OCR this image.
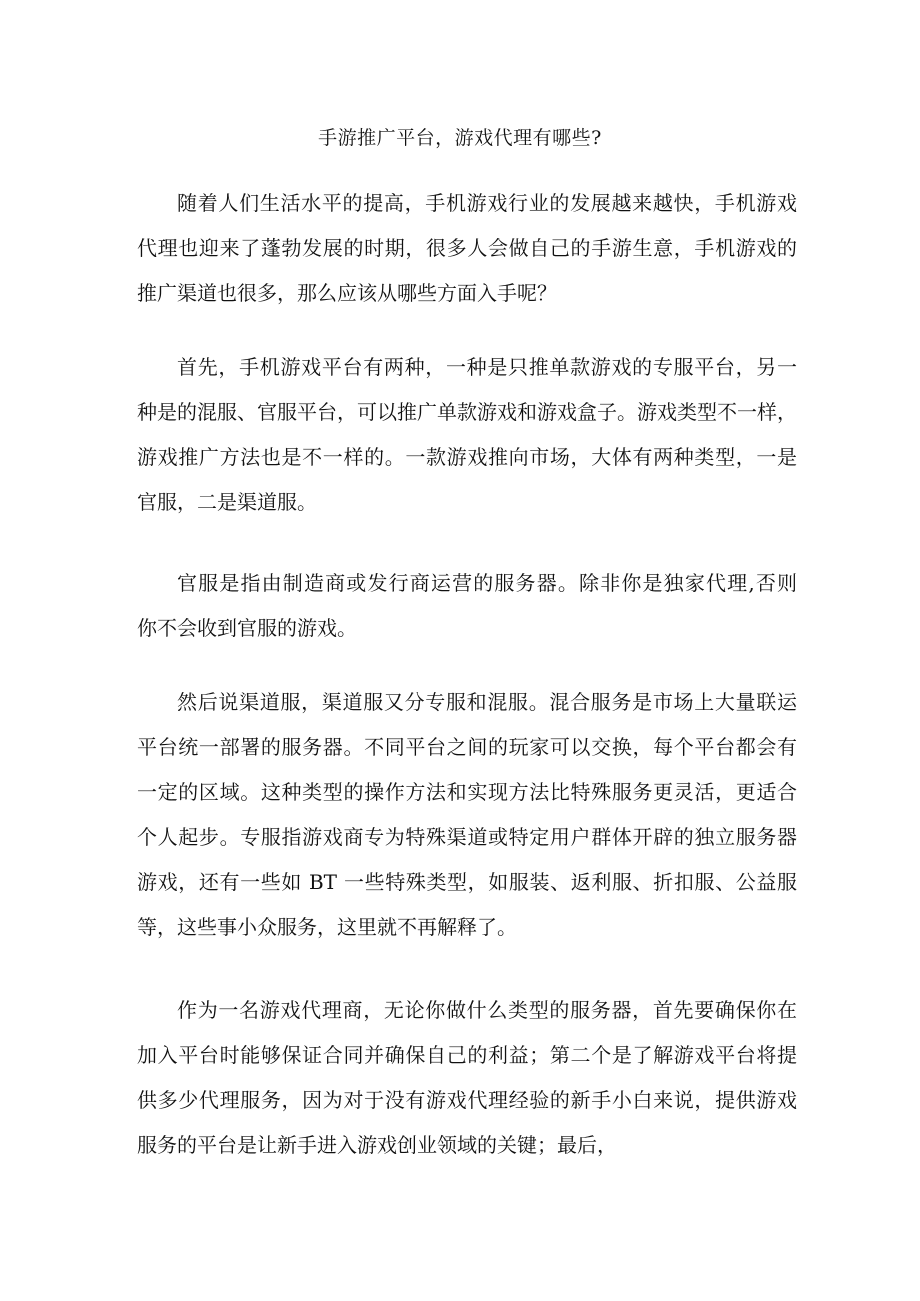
手游推广平台，游戏代理有哪些?
随着人们生活水平的提高，手机游戏行业的发展越来越快，手机游戏
代理也迎来了蓬勃发展的时期，很多人会做自己的手游生意，手机游戏的
推广渠道也很多，那么应该从哪些方面入手呢？
首先，手机游戏平台有两种，一种是只推单款游戏的专服平台，另一
种是的混服、官服平台，可以推广单款游戏和游戏盒子。游戏类型不一样，
游戏推广方法也是不一样的。一款游戏推向市场，大体有两种类型，一是
官服，二是渠道服。
官服是指由制造商或发行商运营的服务器。除非你是独家代理,否则
你不会收到官服的游戏。
然后说渠道服，渠道服又分专服和混服。混合服务是市场上大量联运
平台统一部署的服务器。不同平台之间的玩家可以交换，每个平台都会有
一定的区域。这种类型的操作方法和实现方法比特殊服务更灵活，更适合
个人起步。专服指游戏商专为特殊渠道或特定用户群体开辟的独立服务器
游戏，还有一些如 BT 一些特殊类型，如服装、返利服、折扣服、公益服
等，这些事小众服务，这里就不再解释了。
作为一名游戏代理商，无论你做什么类型的服务器，首先要确保你在
加入平台时能够保证合同并确保自己的利益；第二个是了解游戏平台将提
供多少代理服务，因为对于没有游戏代理经验的新手小白来说，提供游戏
服务的平台是让新手进入游戏创业领域的关键；最后，
